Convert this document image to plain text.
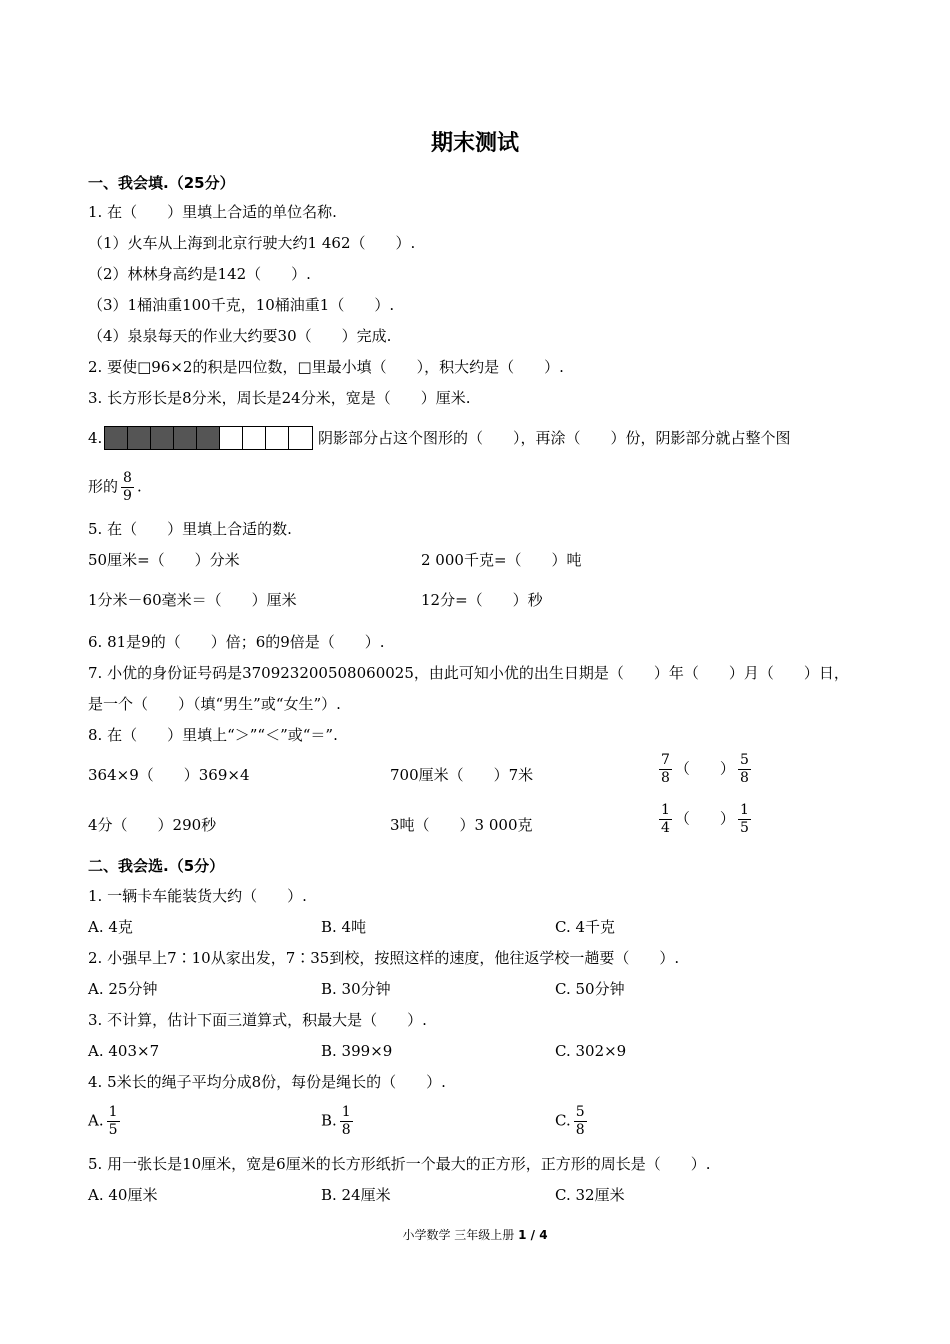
期末测试
一、我会填.（25分）
1. 在（　　）里填上合适的单位名称.
（1）火车从上海到北京行驶大约1 462（　　）.
（2）林林身高约是142（　　）.
（3）1桶油重100千克，10桶油重1（　　）.
（4）泉泉每天的作业大约要30（　　）完成.
2. 要使□96×2的积是四位数，□里最小填（　　），积大约是（　　）.
3. 长方形长是8分米，周长是24分米，宽是（　　）厘米.
4.	阴影部分占这个图形的（　　），再涂（　　）份，阴影部分就占整个图
形的 $\frac{8}{9}$ .
5. 在（　　）里填上合适的数.
50厘米=（　　）分米	2 000千克=（　　）吨
1分米－60毫米＝（　　）厘米	12分=（　　）秒
6. 81是9的（　　）倍；6的9倍是（　　）.
7. 小优的身份证号码是370923200508060025，由此可知小优的出生日期是（　　）年（　　）月（　　）日，
是一个（　　）（填“男生”或“女生”）.
8. 在（　　）里填上“＞”“＜”或“＝”.
364×9（　　）369×4	700厘米（　　）7米	$\frac{7}{8}$ （　　） $\frac{5}{8}$
4分（　　）290秒	3吨（　　）3 000克	$\frac{1}{4}$ （　　） $\frac{1}{5}$
二、我会选.（5分）
1. 一辆卡车能装货大约（　　）.
A. 4克	B. 4吨	C. 4千克
2. 小强早上7∶10从家出发，7∶35到校，按照这样的速度，他往返学校一趟要（　　）.
A. 25分钟	B. 30分钟	C. 50分钟
3. 不计算，估计下面三道算式，积最大是（　　）.
A. 403×7	B. 399×9	C. 302×9
4. 5米长的绳子平均分成8份，每份是绳长的（　　）.
A. $\frac{1}{5}$	B. $\frac{1}{8}$	C. $\frac{5}{8}$
5. 用一张长是10厘米，宽是6厘米的长方形纸折一个最大的正方形，正方形的周长是（　　）.
A. 40厘米	B. 24厘米	C. 32厘米
小学数学 三年级上册 1 / 4
